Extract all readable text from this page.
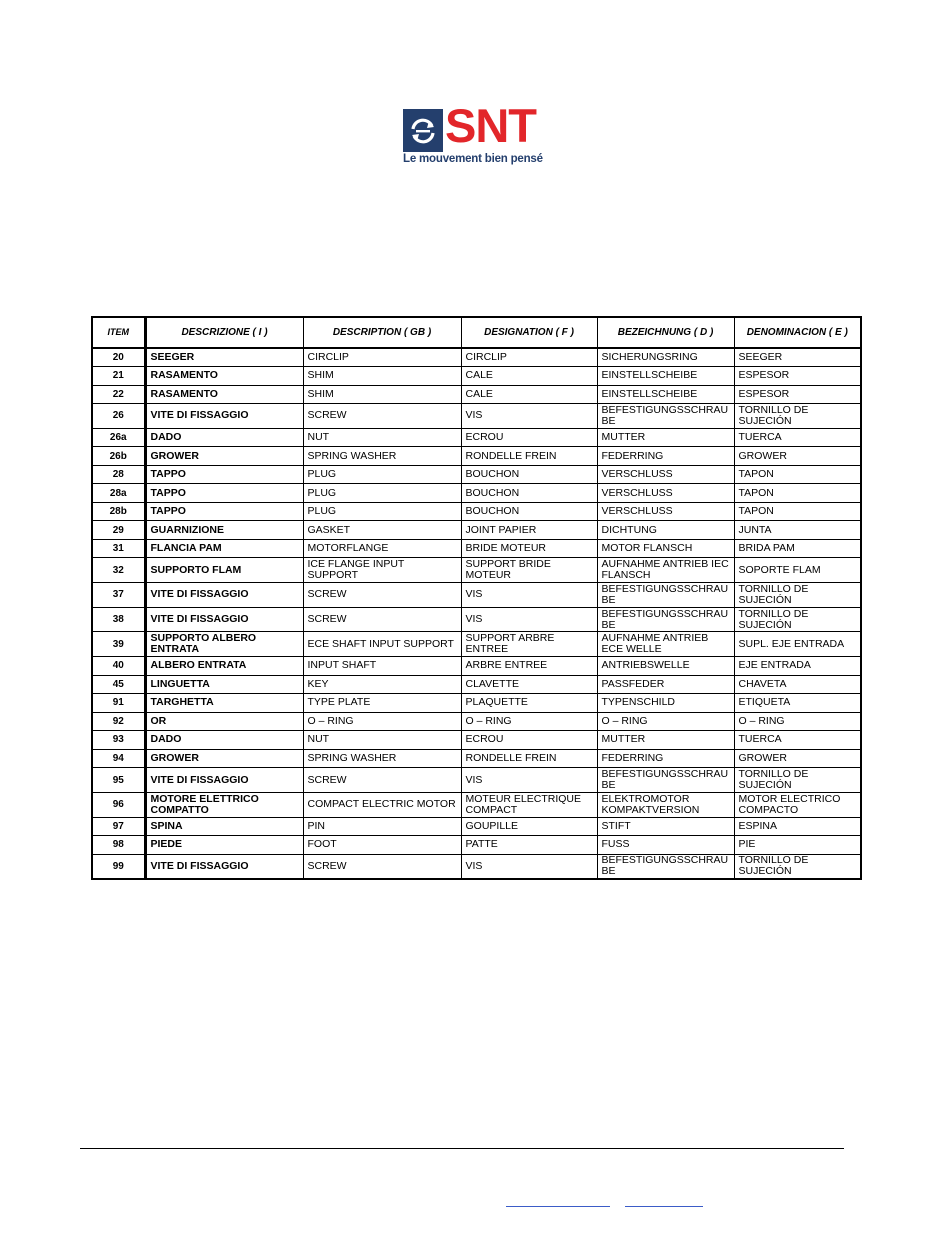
SNT
Le mouvement bien pensé
ITEM	DESCRIZIONE ( I )	DESCRIPTION ( GB )	DESIGNATION ( F )	BEZEICHNUNG ( D )	DENOMINACION ( E )
20	SEEGER	CIRCLIP	CIRCLIP	SICHERUNGSRING	SEEGER
21	RASAMENTO	SHIM	CALE	EINSTELLSCHEIBE	ESPESOR
22	RASAMENTO	SHIM	CALE	EINSTELLSCHEIBE	ESPESOR
26	VITE DI FISSAGGIO	SCREW	VIS	BEFESTIGUNGSSCHRAU BE	TORNILLO DE SUJECIÓN
26a	DADO	NUT	ECROU	MUTTER	TUERCA
26b	GROWER	SPRING WASHER	RONDELLE FREIN	FEDERRING	GROWER
28	TAPPO	PLUG	BOUCHON	VERSCHLUSS	TAPON
28a	TAPPO	PLUG	BOUCHON	VERSCHLUSS	TAPON
28b	TAPPO	PLUG	BOUCHON	VERSCHLUSS	TAPON
29	GUARNIZIONE	GASKET	JOINT PAPIER	DICHTUNG	JUNTA
31	FLANCIA PAM	MOTORFLANGE	BRIDE MOTEUR	MOTOR FLANSCH	BRIDA PAM
32	SUPPORTO FLAM	ICE FLANGE INPUT SUPPORT	SUPPORT BRIDE MOTEUR	AUFNAHME ANTRIEB IEC FLANSCH	SOPORTE FLAM
37	VITE DI FISSAGGIO	SCREW	VIS	BEFESTIGUNGSSCHRAU BE	TORNILLO DE SUJECIÓN
38	VITE DI FISSAGGIO	SCREW	VIS	BEFESTIGUNGSSCHRAU BE	TORNILLO DE SUJECIÓN
39	SUPPORTO ALBERO ENTRATA	ECE SHAFT INPUT SUPPORT	SUPPORT ARBRE ENTREE	AUFNAHME ANTRIEB ECE WELLE	SUPL. EJE ENTRADA
40	ALBERO ENTRATA	INPUT SHAFT	ARBRE ENTREE	ANTRIEBSWELLE	EJE ENTRADA
45	LINGUETTA	KEY	CLAVETTE	PASSFEDER	CHAVETA
91	TARGHETTA	TYPE PLATE	PLAQUETTE	TYPENSCHILD	ETIQUETA
92	OR	O – RING	O – RING	O – RING	O – RING
93	DADO	NUT	ECROU	MUTTER	TUERCA
94	GROWER	SPRING WASHER	RONDELLE FREIN	FEDERRING	GROWER
95	VITE DI FISSAGGIO	SCREW	VIS	BEFESTIGUNGSSCHRAU BE	TORNILLO DE SUJECIÓN
96	MOTORE ELETTRICO COMPATTO	COMPACT ELECTRIC MOTOR	MOTEUR ELECTRIQUE COMPACT	ELEKTROMOTOR KOMPAKTVERSION	MOTOR ELECTRICO COMPACTO
97	SPINA	PIN	GOUPILLE	STIFT	ESPINA
98	PIEDE	FOOT	PATTE	FUSS	PIE
99	VITE DI FISSAGGIO	SCREW	VIS	BEFESTIGUNGSSCHRAU BE	TORNILLO DE SUJECIÓN
